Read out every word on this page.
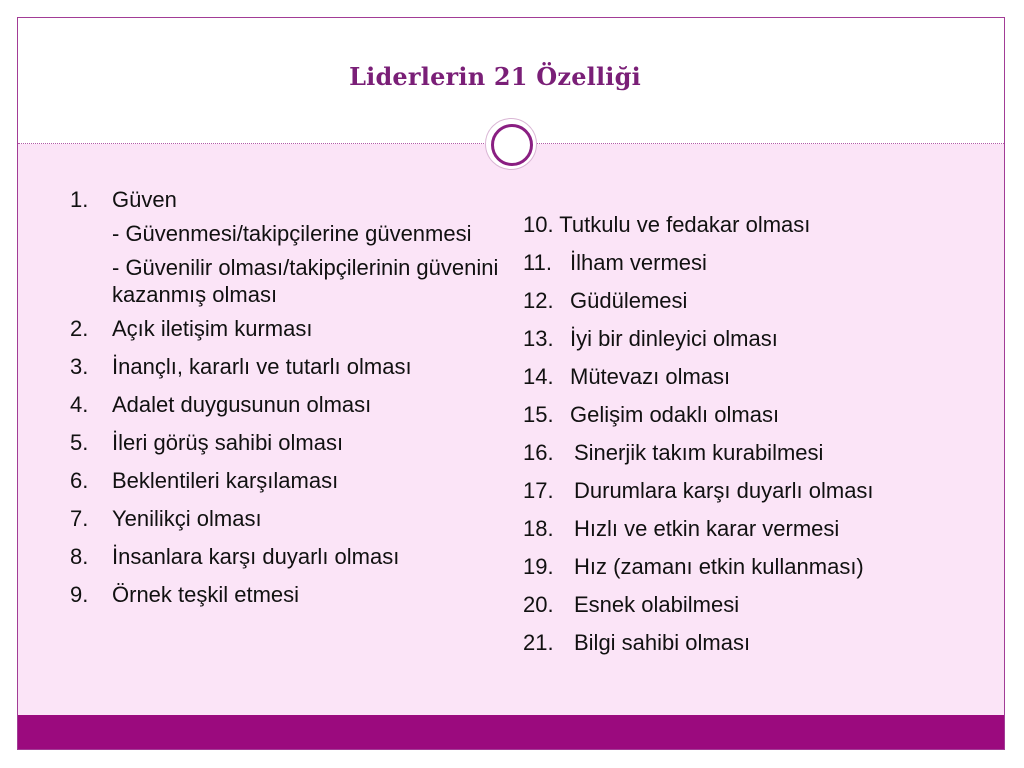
Liderlerin 21 Özelliği
1.	Güven
- Güvenmesi/takipçilerine güvenmesi
- Güvenilir olması/takipçilerinin güvenini kazanmış olması
2.	Açık iletişim kurması
3.	İnançlı, kararlı ve tutarlı olması
4.	Adalet duygusunun olması
5.	İleri görüş sahibi olması
6.	Beklentileri karşılaması
7.	Yenilikçi olması
8.	İnsanlara karşı duyarlı olması
9.	Örnek teşkil etmesi
10. Tutkulu ve fedakar olması
11. İlham vermesi
12. Güdülemesi
13. İyi bir dinleyici olması
14. Mütevazı olması
15. Gelişim odaklı olması
16. Sinerjik takım kurabilmesi
17. Durumlara karşı duyarlı olması
18. Hızlı ve etkin karar vermesi
19. Hız (zamanı etkin kullanması)
20. Esnek olabilmesi
21. Bilgi sahibi olması
